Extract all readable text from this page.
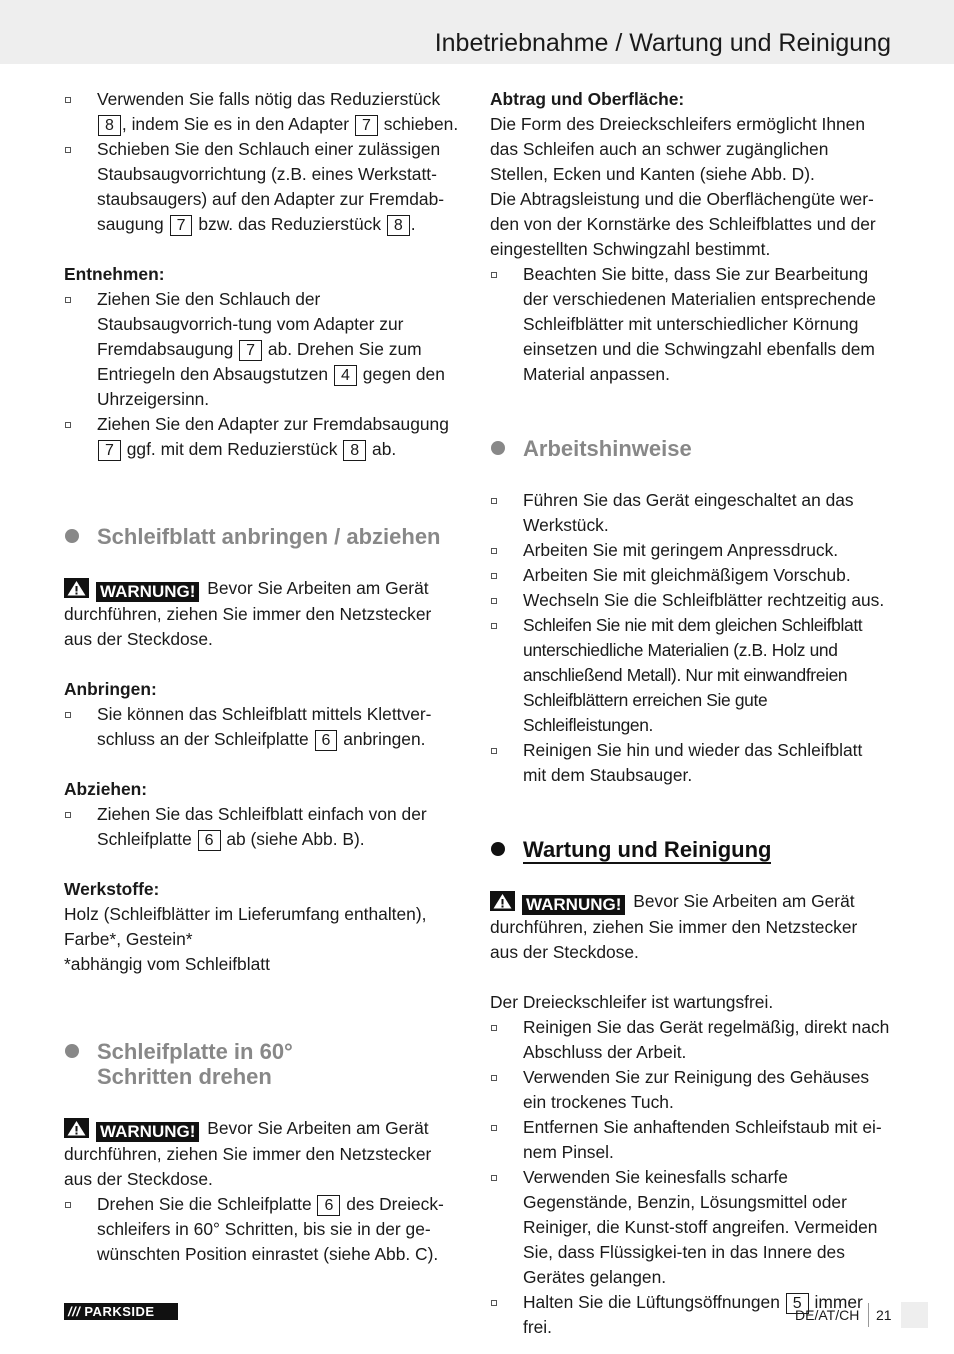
Inbetriebnahme / Wartung und Reinigung
Verwenden Sie falls nötig das Reduzierstück 8 , indem Sie es in den Adapter 7 schieben.
Schieben Sie den Schlauch einer zulässigen Staubsaugvorrichtung (z.B. eines Werkstatt-staubsaugers) auf den Adapter zur Fremdab-saugung 7 bzw. das Reduzierstück 8 .

Entnehmen:

Ziehen Sie den Schlauch der Staubsaugvorrich-tung vom Adapter zur Fremdabsaugung 7 ab. Drehen Sie zum Entriegeln den Absaugstutzen 4 gegen den Uhrzeigersinn.
Ziehen Sie den Adapter zur Fremdabsaugung 7 ggf. mit dem Reduzierstück 8 ab.
Schleifblatt anbringen / abziehen

WARNUNG! Bevor Sie Arbeiten am Gerät durchführen, ziehen Sie immer den Netzstecker aus der Steckdose.

Anbringen:

Sie können das Schleifblatt mittels Klettver-schluss an der Schleifplatte 6 anbringen.

Abziehen:

Ziehen Sie das Schleifblatt einfach von der Schleifplatte 6 ab (siehe Abb. B).

Werkstoffe:

Holz (Schleifblätter im Lieferumfang enthalten), Farbe*, Gestein*

*abhängig vom Schleifblatt

Schleifplatte in 60°
Schritten drehen

WARNUNG! Bevor Sie Arbeiten am Gerät durchführen, ziehen Sie immer den Netzstecker aus der Steckdose.

Drehen Sie die Schleifplatte 6 des Dreieck-schleifers in 60° Schritten, bis sie in der ge-wünschten Position einrastet (siehe Abb. C).

Abtrag und Oberfläche:

Die Form des Dreieckschleifers ermöglicht Ihnen das Schleifen auch an schwer zugänglichen Stellen, Ecken und Kanten (siehe Abb. D).

Die Abtragsleistung und die Oberflächengüte wer-den von der Kornstärke des Schleifblattes und der eingestellten Schwingzahl bestimmt.

Beachten Sie bitte, dass Sie zur Bearbeitung der verschiedenen Materialien entsprechende Schleifblätter mit unterschiedlicher Körnung einsetzen und die Schwingzahl ebenfalls dem Material anpassen.
Arbeitshinweise
Führen Sie das Gerät eingeschaltet an das Werkstück.
Arbeiten Sie mit geringem Anpressdruck.
Arbeiten Sie mit gleichmäßigem Vorschub.
Wechseln Sie die Schleifblätter rechtzeitig aus.
Schleifen Sie nie mit dem gleichen Schleifblatt unterschiedliche Materialien (z.B. Holz und anschließend Metall). Nur mit einwandfreien Schleifblättern erreichen Sie gute Schleifleistungen.
Reinigen Sie hin und wieder das Schleifblatt mit dem Staubsauger.
Wartung und Reinigung

WARNUNG! Bevor Sie Arbeiten am Gerät durchführen, ziehen Sie immer den Netzstecker aus der Steckdose.

Der Dreieckschleifer ist wartungsfrei.

Reinigen Sie das Gerät regelmäßig, direkt nach Abschluss der Arbeit.
Verwenden Sie zur Reinigung des Gehäuses ein trockenes Tuch.
Entfernen Sie anhaftenden Schleifstaub mit ei-nem Pinsel.
Verwenden Sie keinesfalls scharfe Gegenstände, Benzin, Lösungsmittel oder Reiniger, die Kunst-stoff angreifen. Vermeiden Sie, dass Flüssigkei-ten in das Innere des Gerätes gelangen.
Halten Sie die Lüftungsöffnungen 5 immer frei.
/// PARKSIDE	DE/AT/CH 21
